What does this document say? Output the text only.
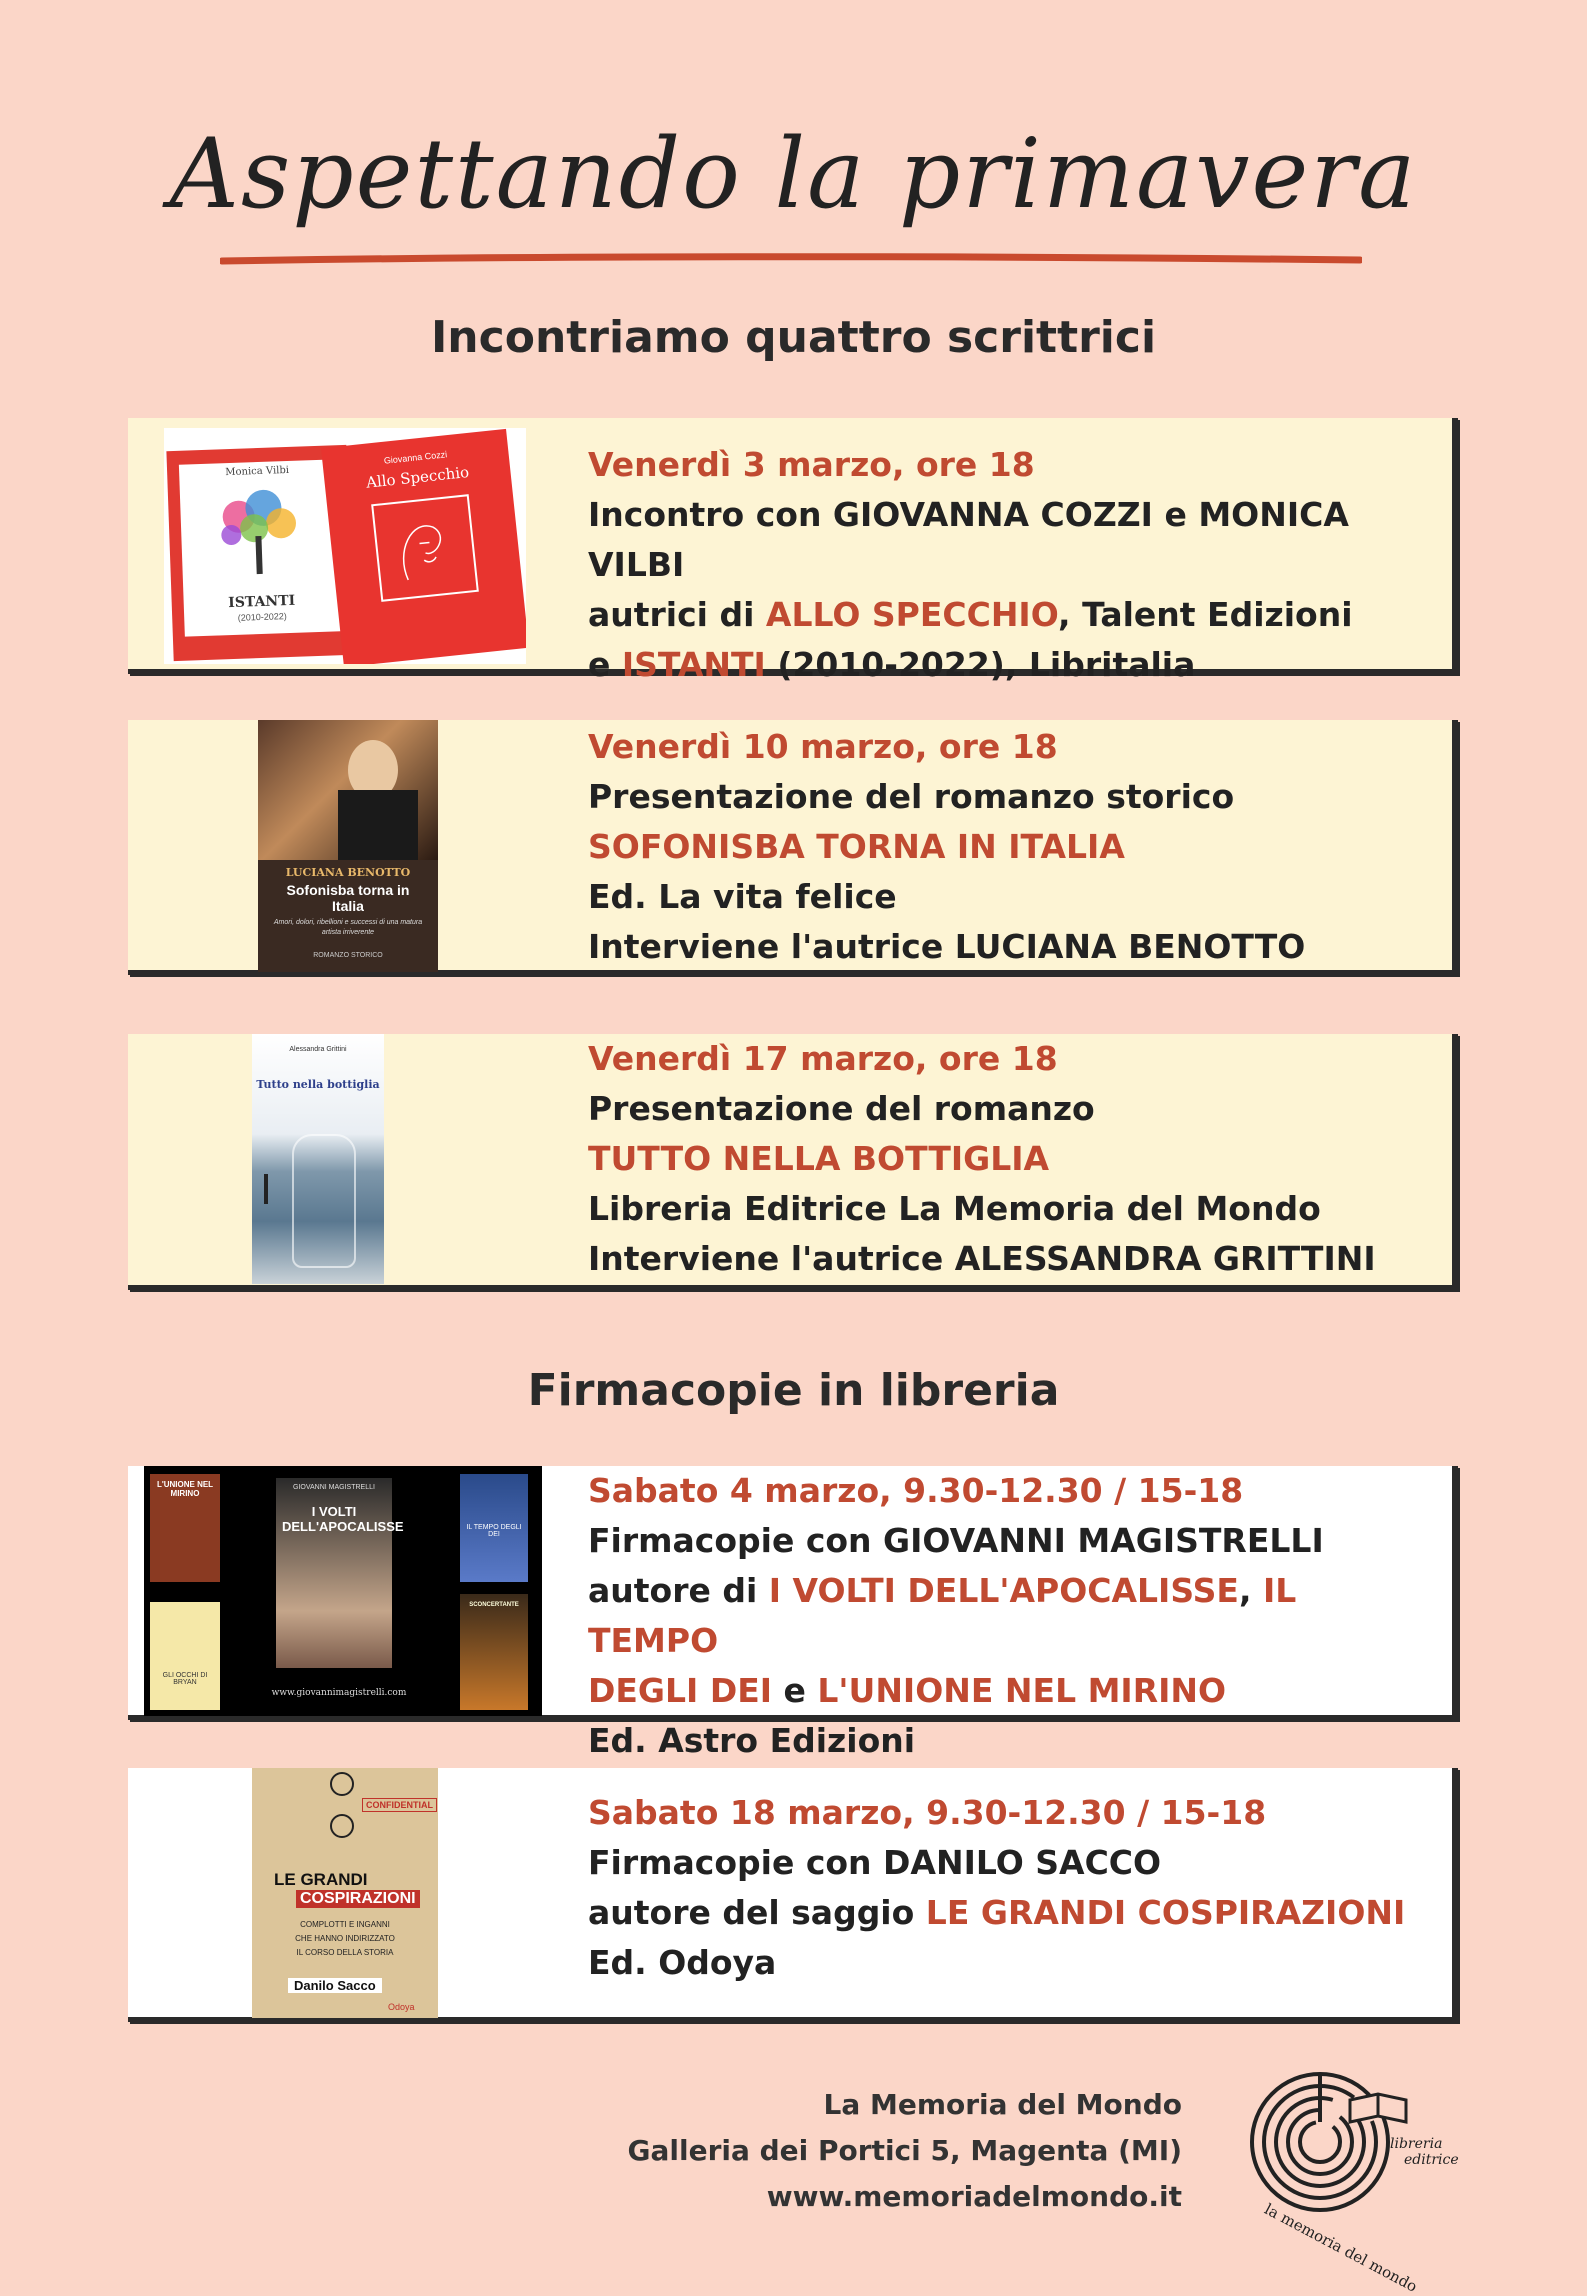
Aspettando la primavera
Incontriamo quattro scrittrici
Monica Vilbi
ISTANTI
(2010-2022)
Giovanna Cozzi
Allo Specchio	Venerdì 3 marzo, ore 18
Incontro con GIOVANNA COZZI e MONICA VILBI
autrici di ALLO SPECCHIO, Talent Edizioni
e ISTANTI (2010-2022), Libritalia
LUCIANA BENOTTO
Sofonisba torna in Italia
Amori, dolori, ribellioni e successi di una matura artista irriverente
ROMANZO STORICO
Venerdì 10 marzo, ore 18
Presentazione del romanzo storico
SOFONISBA TORNA IN ITALIA
Ed. La vita felice
Interviene l'autrice LUCIANA BENOTTO
Alessandra Grittini
Tutto nella bottiglia
Venerdì 17 marzo, ore 18
Presentazione del romanzo
TUTTO NELLA BOTTIGLIA
Libreria Editrice La Memoria del Mondo
Interviene l'autrice ALESSANDRA GRITTINI
Firmacopie in libreria
L'UNIONE NEL MIRINO
GLI OCCHI DI BRYAN
GIOVANNI MAGISTRELLI
I VOLTI DELL'APOCALISSE
www.giovannimagistrelli.com
IL TEMPO DEGLI DEI
SCONCERTANTE
Sabato 4 marzo, 9.30-12.30 / 15-18
Firmacopie con GIOVANNI MAGISTRELLI
autore di I VOLTI DELL'APOCALISSE, IL TEMPO
DEGLI DEI e L'UNIONE NEL MIRINO
Ed. Astro Edizioni
CONFIDENTIAL
LE GRANDI
COSPIRAZIONI
COMPLOTTI E INGANNI
CHE HANNO INDIRIZZATO
IL CORSO DELLA STORIA
Danilo Sacco
Odoya
Sabato 18 marzo, 9.30-12.30 / 15-18
Firmacopie con DANILO SACCO
autore del saggio LE GRANDI COSPIRAZIONI
Ed. Odoya
La Memoria del Mondo
Galleria dei Portici 5, Magenta (MI)
www.memoriadelmondo.it
la memoria del mondo
libreria
editrice
